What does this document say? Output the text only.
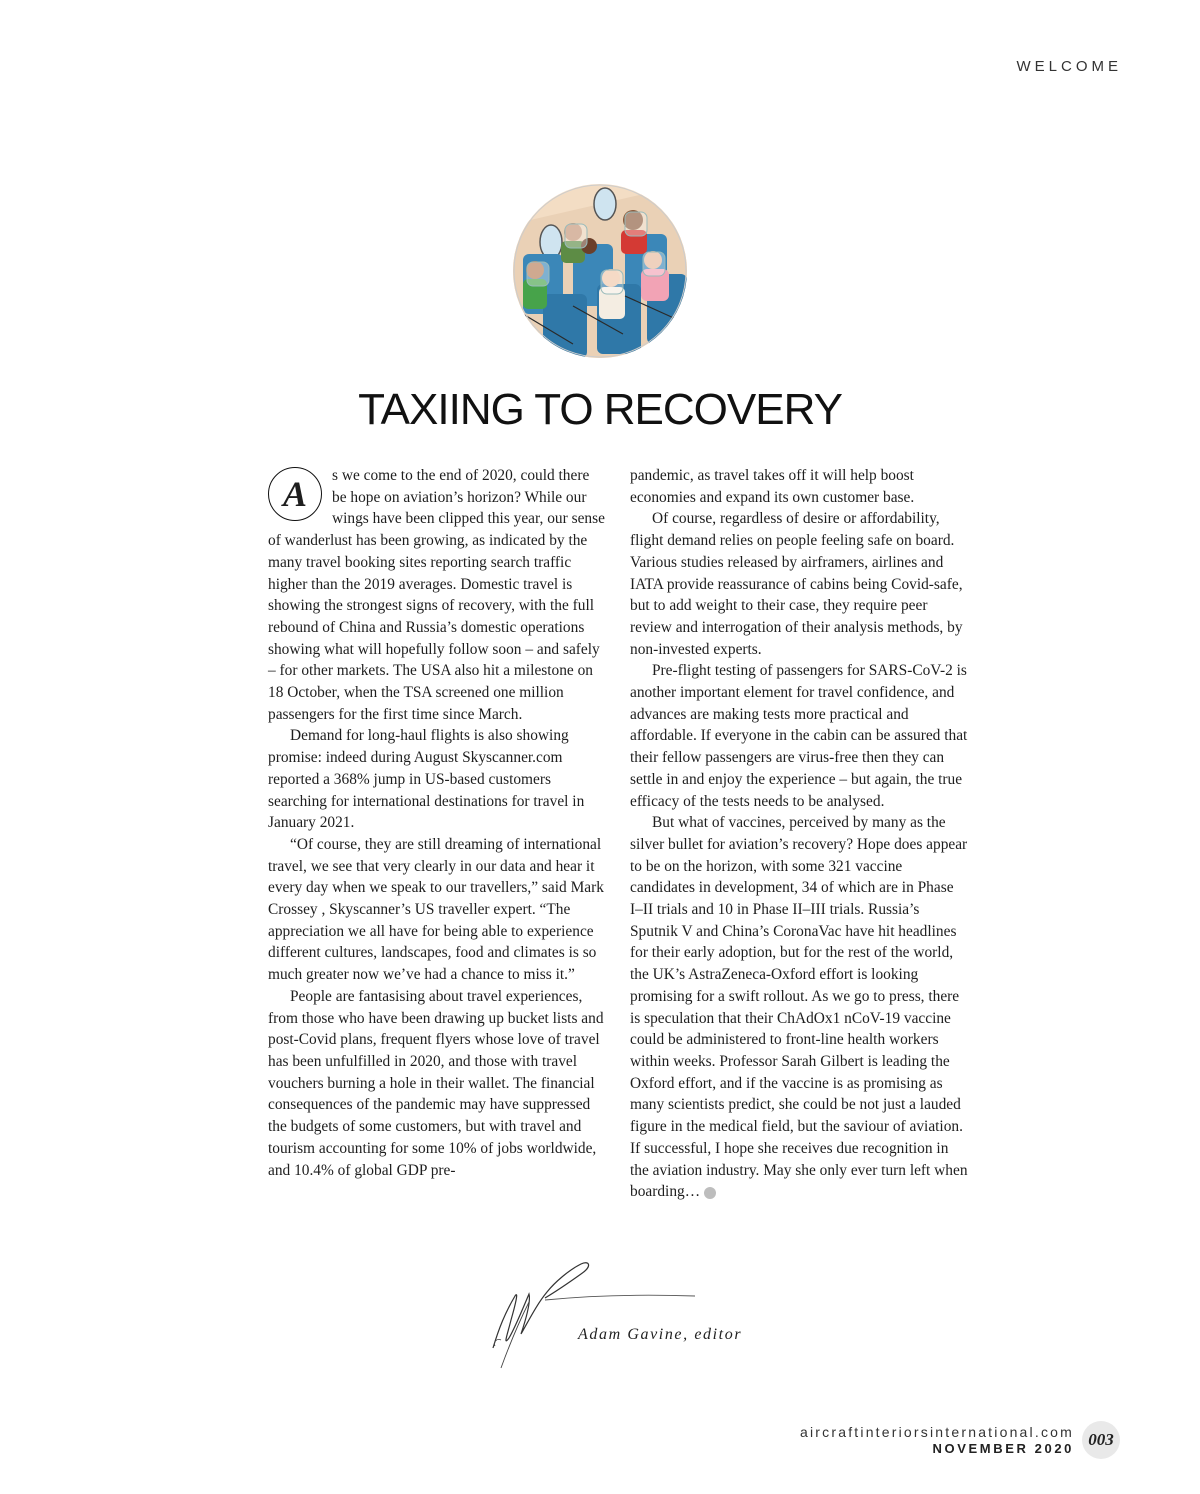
WELCOME
TAXIING TO RECOVERY
A	s we come to the end of 2020, could there be hope on aviation’s horizon? While our wings have been clipped this year, our sense of wanderlust has been growing, as indicated by the many travel booking sites reporting search traffic higher than the 2019 averages. Domestic travel is showing the strongest signs of recovery, with the full rebound of China and Russia’s domestic operations showing what will hopefully follow soon – and safely – for other markets. The USA also hit a milestone on 18 October, when the TSA screened one million passengers for the first time since March.

Demand for long-haul flights is also showing promise: indeed during August Skyscanner.com reported a 368% jump in US-based customers searching for international destinations for travel in January 2021.

“Of course, they are still dreaming of international travel, we see that very clearly in our data and hear it every day when we speak to our travellers,” said Mark Crossey , Skyscanner’s US traveller expert. “The appreciation we all have for being able to experience different cultures, landscapes, food and climates is so much greater now we’ve had a chance to miss it.”

People are fantasising about travel experiences, from those who have been drawing up bucket lists and post-Covid plans, frequent flyers whose love of travel has been unfulfilled in 2020, and those with travel vouchers burning a hole in their wallet. The financial consequences of the pandemic may have suppressed the budgets of some customers, but with travel and tourism accounting for some 10% of jobs worldwide, and 10.4% of global GDP pre-

pandemic, as travel takes off it will help boost economies and expand its own customer base.

Of course, regardless of desire or affordability, flight demand relies on people feeling safe on board. Various studies released by airframers, airlines and IATA provide reassurance of cabins being Covid-safe, but to add weight to their case, they require peer review and interrogation of their analysis methods, by non-invested experts.

Pre-flight testing of passengers for SARS-CoV-2 is another important element for travel confidence, and advances are making tests more practical and affordable. If everyone in the cabin can be assured that their fellow passengers are virus-free then they can settle in and enjoy the experience – but again, the true efficacy of the tests needs to be analysed.

But what of vaccines, perceived by many as the silver bullet for aviation’s recovery? Hope does appear to be on the horizon, with some 321 vaccine candidates in development, 34 of which are in Phase I–II trials and 10 in Phase II–III trials. Russia’s Sputnik V and China’s CoronaVac have hit headlines for their early adoption, but for the rest of the world, the UK’s AstraZeneca-Oxford effort is looking promising for a swift rollout. As we go to press, there is speculation that their ChAdOx1 nCoV-19 vaccine could be administered to front-line health workers within weeks. Professor Sarah Gilbert is leading the Oxford effort, and if the vaccine is as promising as many scientists predict, she could be not just a lauded figure in the medical field, but the saviour of aviation. If successful, I hope she receives due recognition in the aviation industry. May she only ever turn left when boarding…	✕

Adam Gavine, editor
aircraftinteriorsinternational.com
NOVEMBER 2020 003
